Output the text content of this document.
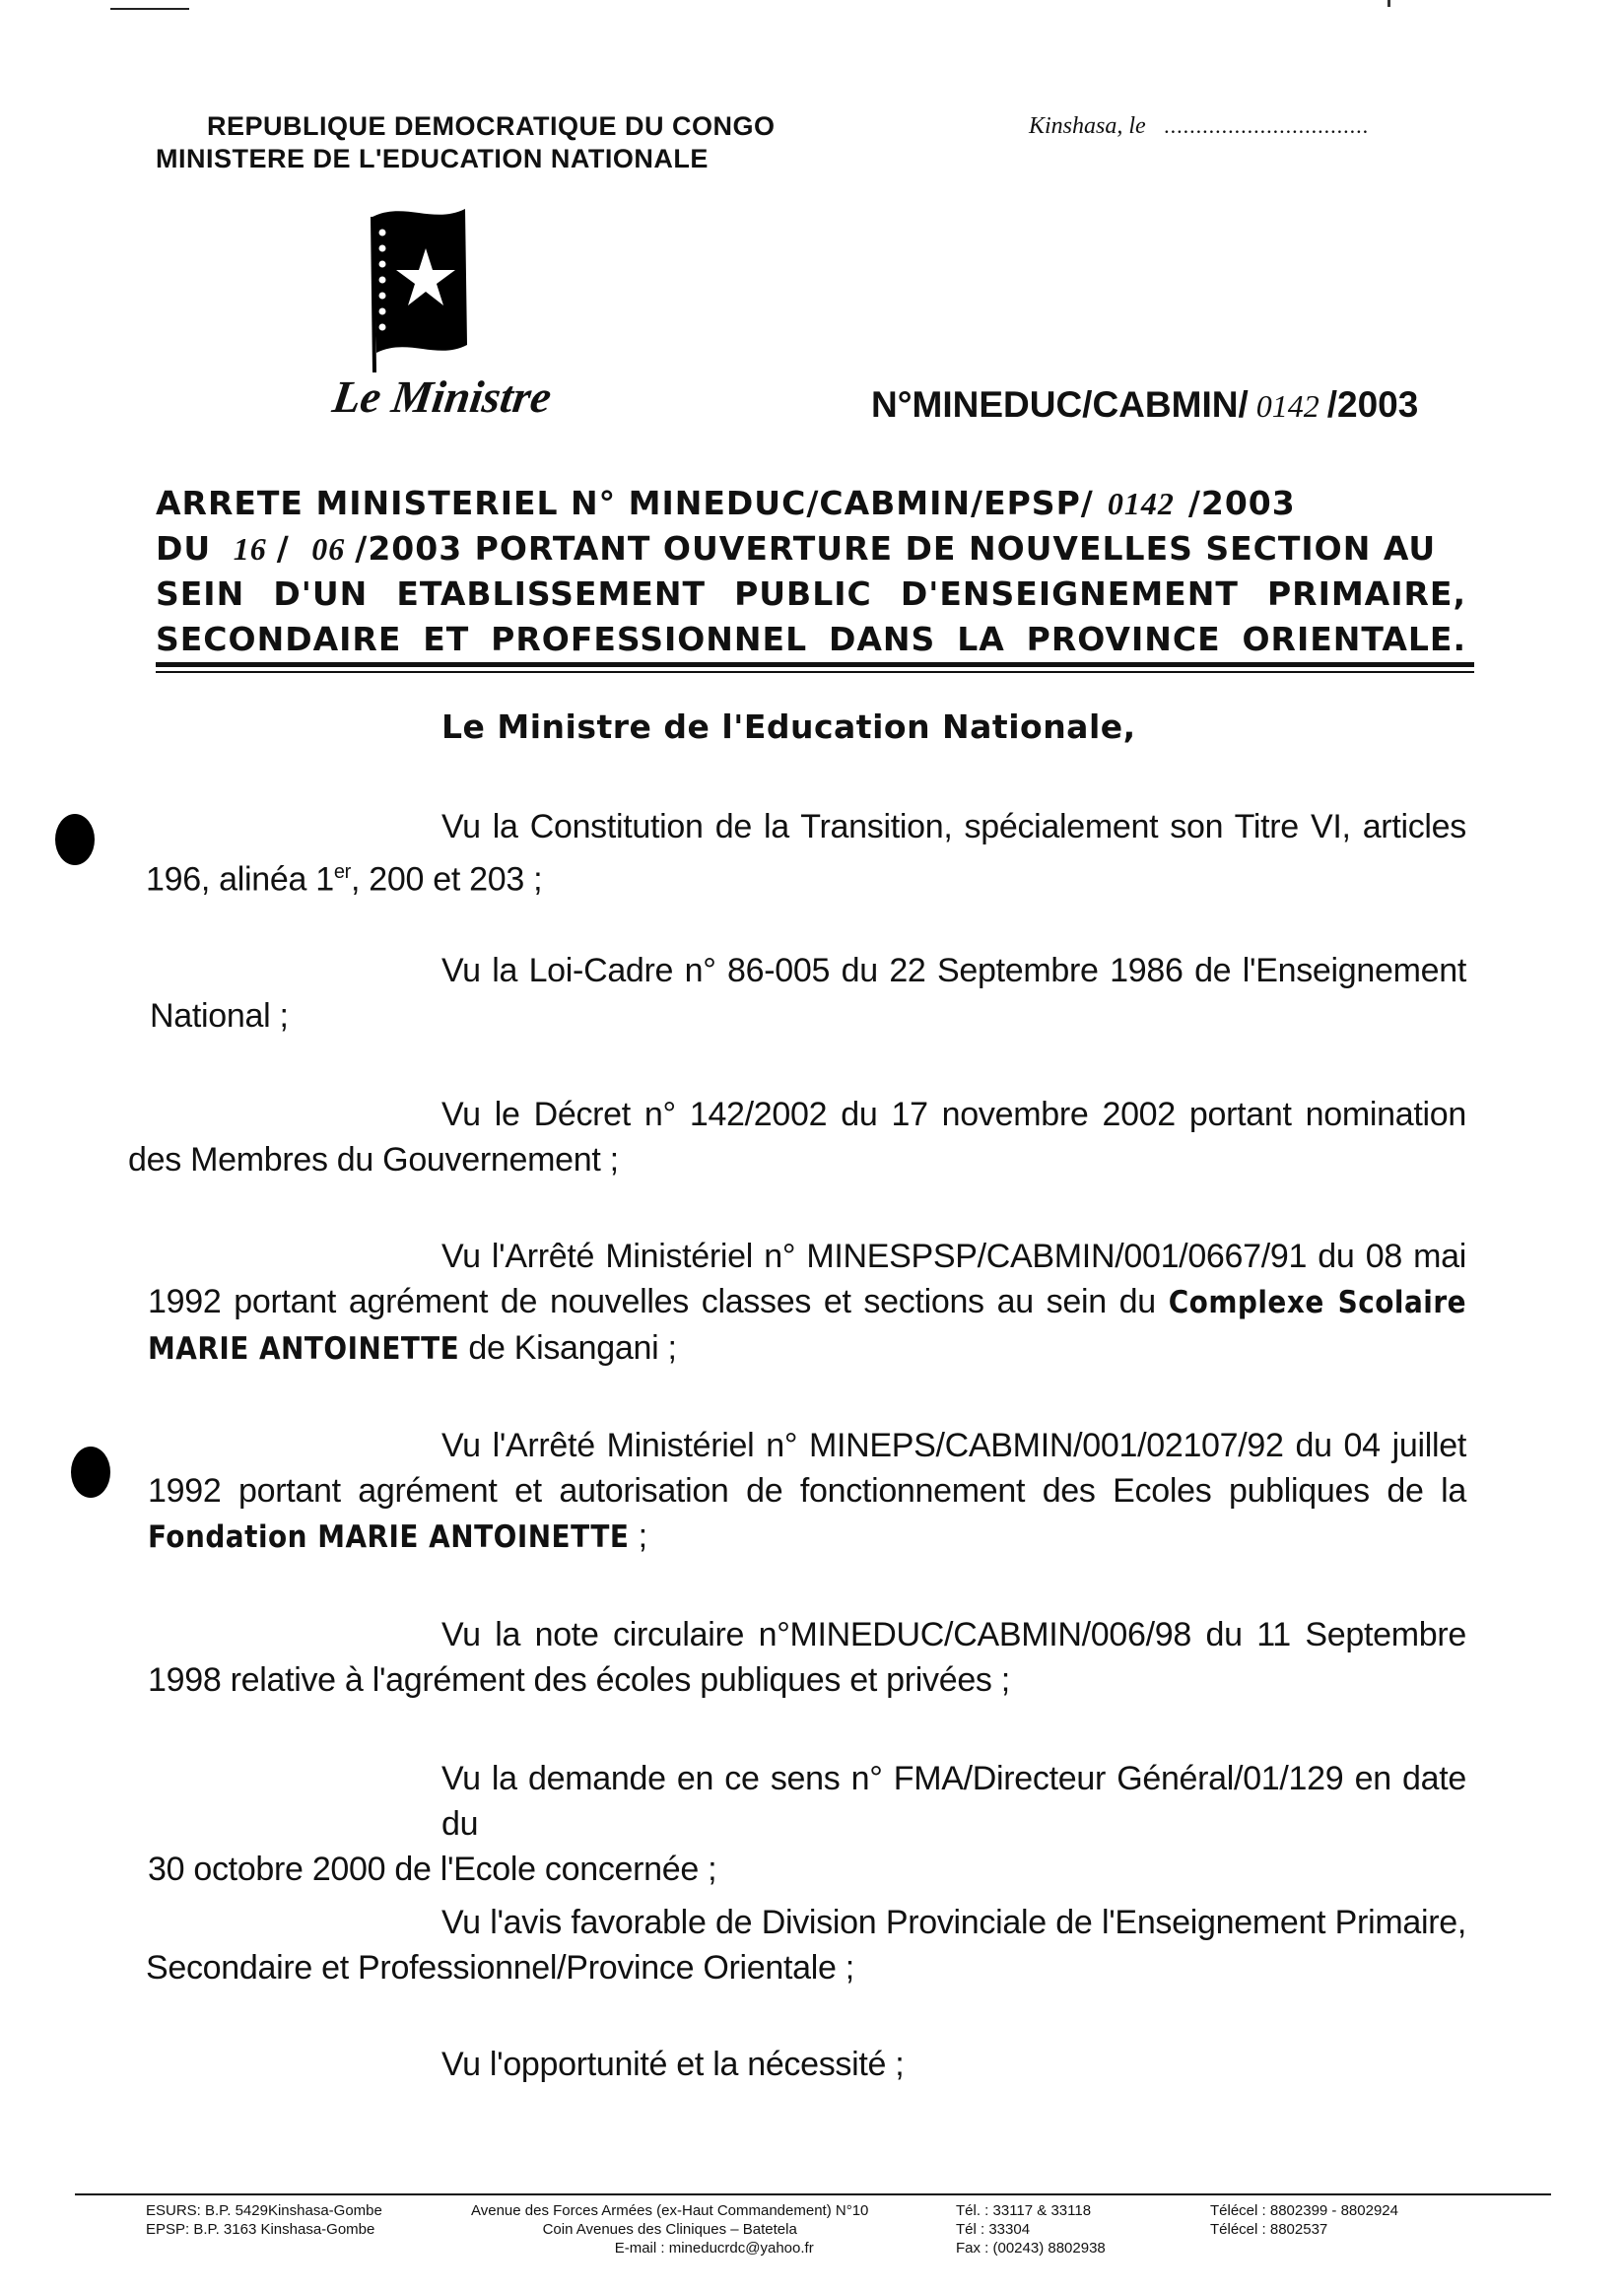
REPUBLIQUE DEMOCRATIQUE DU CONGO
MINISTERE DE L'EDUCATION NATIONALE
Kinshasa, le ................................
Le Ministre	N°MINEDUC/CABMIN/ 0142 /2003
ARRETE MINISTERIEL N° MINEDUC/CABMIN/EPSP/ 0142 /2003
DU 16 / 06 /2003 PORTANT OUVERTURE DE NOUVELLES SECTION AU
SEIN D'UN ETABLISSEMENT PUBLIC D'ENSEIGNEMENT PRIMAIRE,
SECONDAIRE ET PROFESSIONNEL DANS LA PROVINCE ORIENTALE.
Le Ministre de l'Education Nationale,
Vu la Constitution de la Transition, spécialement son Titre VI, articles
196, alinéa 1er, 200 et 203 ;
Vu la Loi-Cadre n° 86-005 du 22 Septembre 1986 de l'Enseignement
National ;
Vu le Décret n° 142/2002 du 17 novembre 2002 portant nomination
des Membres du Gouvernement ;
Vu l'Arrêté Ministériel n° MINESPSP/CABMIN/001/0667/91 du 08 mai
1992 portant agrément de nouvelles classes et sections au sein du Complexe Scolaire
MARIE ANTOINETTE de Kisangani ;
Vu l'Arrêté Ministériel n° MINEPS/CABMIN/001/02107/92 du 04 juillet
1992 portant agrément et autorisation de fonctionnement des Ecoles publiques de la
Fondation MARIE ANTOINETTE ;
Vu la note circulaire n°MINEDUC/CABMIN/006/98 du 11 Septembre
1998 relative à l'agrément des écoles publiques et privées ;
Vu la demande en ce sens n° FMA/Directeur Général/01/129 en date du
30 octobre 2000 de l'Ecole concernée ;
Vu l'avis favorable de Division Provinciale de l'Enseignement Primaire,
Secondaire et Professionnel/Province Orientale ;
Vu l'opportunité et la nécessité ;
ESURS: B.P. 5429Kinshasa-Gombe
EPSP: B.P. 3163 Kinshasa-Gombe
Avenue des Forces Armées (ex-Haut Commandement) N°10
Coin Avenues des Cliniques – Batetela
E-mail : mineducrdc@yahoo.fr
Tél. : 33117 & 33118
Tél : 33304
Fax : (00243) 8802938
Télécel : 8802399 - 8802924
Télécel : 8802537
